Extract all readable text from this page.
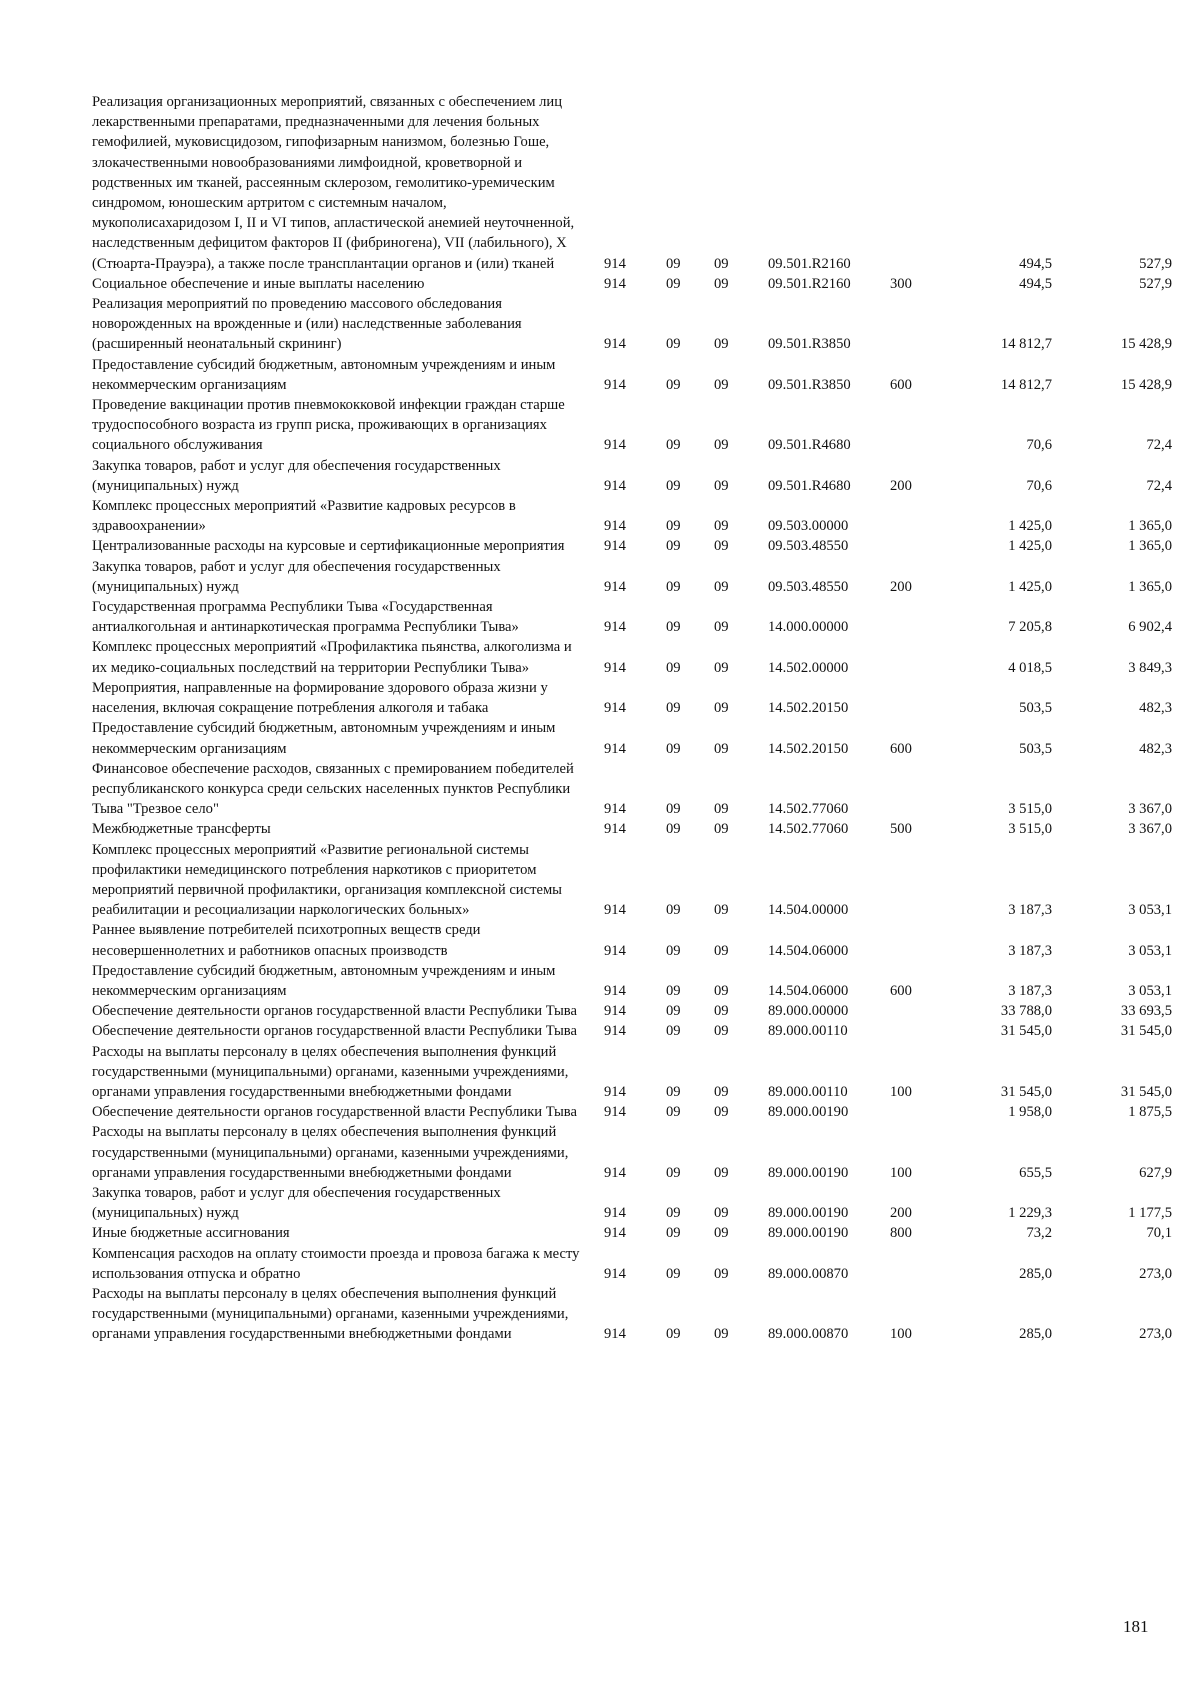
Реализация организационных мероприятий, связанных с обеспечением лиц лекарственными препаратами, предназначенными для лечения больных гемофилией, муковисцидозом, гипофизарным нанизмом, болезнью Гоше, злокачественными новообразованиями лимфоидной, кроветворной и родственных им тканей, рассеянным склерозом, гемолитико-уремическим синдромом, юношеским артритом с системным началом, мукополисахаридозом I, II и VI типов, апластической анемией неуточненной, наследственным дефицитом факторов II (фибриногена), VII (лабильного), X (Стюарта-Прауэра), а также после трансплантации органов и (или) тканей	914	09	09	09.501.R2160		494,5	527,9
Социальное обеспечение и иные выплаты населению	914	09	09	09.501.R2160	300	494,5	527,9
Реализация мероприятий по проведению массового обследования новорожденных на врожденные и (или) наследственные заболевания (расширенный неонатальный скрининг)	914	09	09	09.501.R3850		14 812,7	15 428,9
Предоставление субсидий бюджетным, автономным учреждениям и иным некоммерческим организациям	914	09	09	09.501.R3850	600	14 812,7	15 428,9
Проведение вакцинации против пневмококковой инфекции граждан старше трудоспособного возраста из групп риска, проживающих в организациях социального обслуживания	914	09	09	09.501.R4680		70,6	72,4
Закупка товаров, работ и услуг для обеспечения государственных (муниципальных) нужд	914	09	09	09.501.R4680	200	70,6	72,4
Комплекс процессных мероприятий «Развитие кадровых ресурсов в здравоохранении»	914	09	09	09.503.00000		1 425,0	1 365,0
Централизованные расходы на курсовые и сертификационные мероприятия	914	09	09	09.503.48550		1 425,0	1 365,0
Закупка товаров, работ и услуг для обеспечения государственных (муниципальных) нужд	914	09	09	09.503.48550	200	1 425,0	1 365,0
Государственная программа Республики Тыва «Государственная антиалкогольная и антинаркотическая программа Республики Тыва»	914	09	09	14.000.00000		7 205,8	6 902,4
Комплекс процессных мероприятий «Профилактика пьянства, алкоголизма и их медико-социальных последствий на территории Республики Тыва»	914	09	09	14.502.00000		4 018,5	3 849,3
Мероприятия, направленные на формирование здорового образа жизни у населения, включая сокращение потребления алкоголя и табака	914	09	09	14.502.20150		503,5	482,3
Предоставление субсидий бюджетным, автономным учреждениям и иным некоммерческим организациям	914	09	09	14.502.20150	600	503,5	482,3
Финансовое обеспечение расходов, связанных с премированием победителей республиканского конкурса среди сельских населенных пунктов Республики Тыва "Трезвое село"	914	09	09	14.502.77060		3 515,0	3 367,0
Межбюджетные трансферты	914	09	09	14.502.77060	500	3 515,0	3 367,0
Комплекс процессных мероприятий «Развитие региональной системы профилактики немедицинского потребления наркотиков с приоритетом мероприятий первичной профилактики, организация комплексной системы реабилитации и ресоциализации наркологических больных»	914	09	09	14.504.00000		3 187,3	3 053,1
Раннее выявление потребителей психотропных веществ среди несовершеннолетних и работников опасных производств	914	09	09	14.504.06000		3 187,3	3 053,1
Предоставление субсидий бюджетным, автономным учреждениям и иным некоммерческим организациям	914	09	09	14.504.06000	600	3 187,3	3 053,1
Обеспечение деятельности органов государственной власти Республики Тыва	914	09	09	89.000.00000		33 788,0	33 693,5
Обеспечение деятельности органов государственной власти Республики Тыва	914	09	09	89.000.00110		31 545,0	31 545,0
Расходы на выплаты персоналу в целях обеспечения выполнения функций государственными (муниципальными) органами, казенными учреждениями, органами управления государственными внебюджетными фондами	914	09	09	89.000.00110	100	31 545,0	31 545,0
Обеспечение деятельности органов государственной власти Республики Тыва	914	09	09	89.000.00190		1 958,0	1 875,5
Расходы на выплаты персоналу в целях обеспечения выполнения функций государственными (муниципальными) органами, казенными учреждениями, органами управления государственными внебюджетными фондами	914	09	09	89.000.00190	100	655,5	627,9
Закупка товаров, работ и услуг для обеспечения государственных (муниципальных) нужд	914	09	09	89.000.00190	200	1 229,3	1 177,5
Иные бюджетные ассигнования	914	09	09	89.000.00190	800	73,2	70,1
Компенсация расходов на оплату стоимости проезда и провоза багажа к месту использования отпуска и обратно	914	09	09	89.000.00870		285,0	273,0
Расходы на выплаты персоналу в целях обеспечения выполнения функций государственными (муниципальными) органами, казенными учреждениями, органами управления государственными внебюджетными фондами	914	09	09	89.000.00870	100	285,0	273,0
181
